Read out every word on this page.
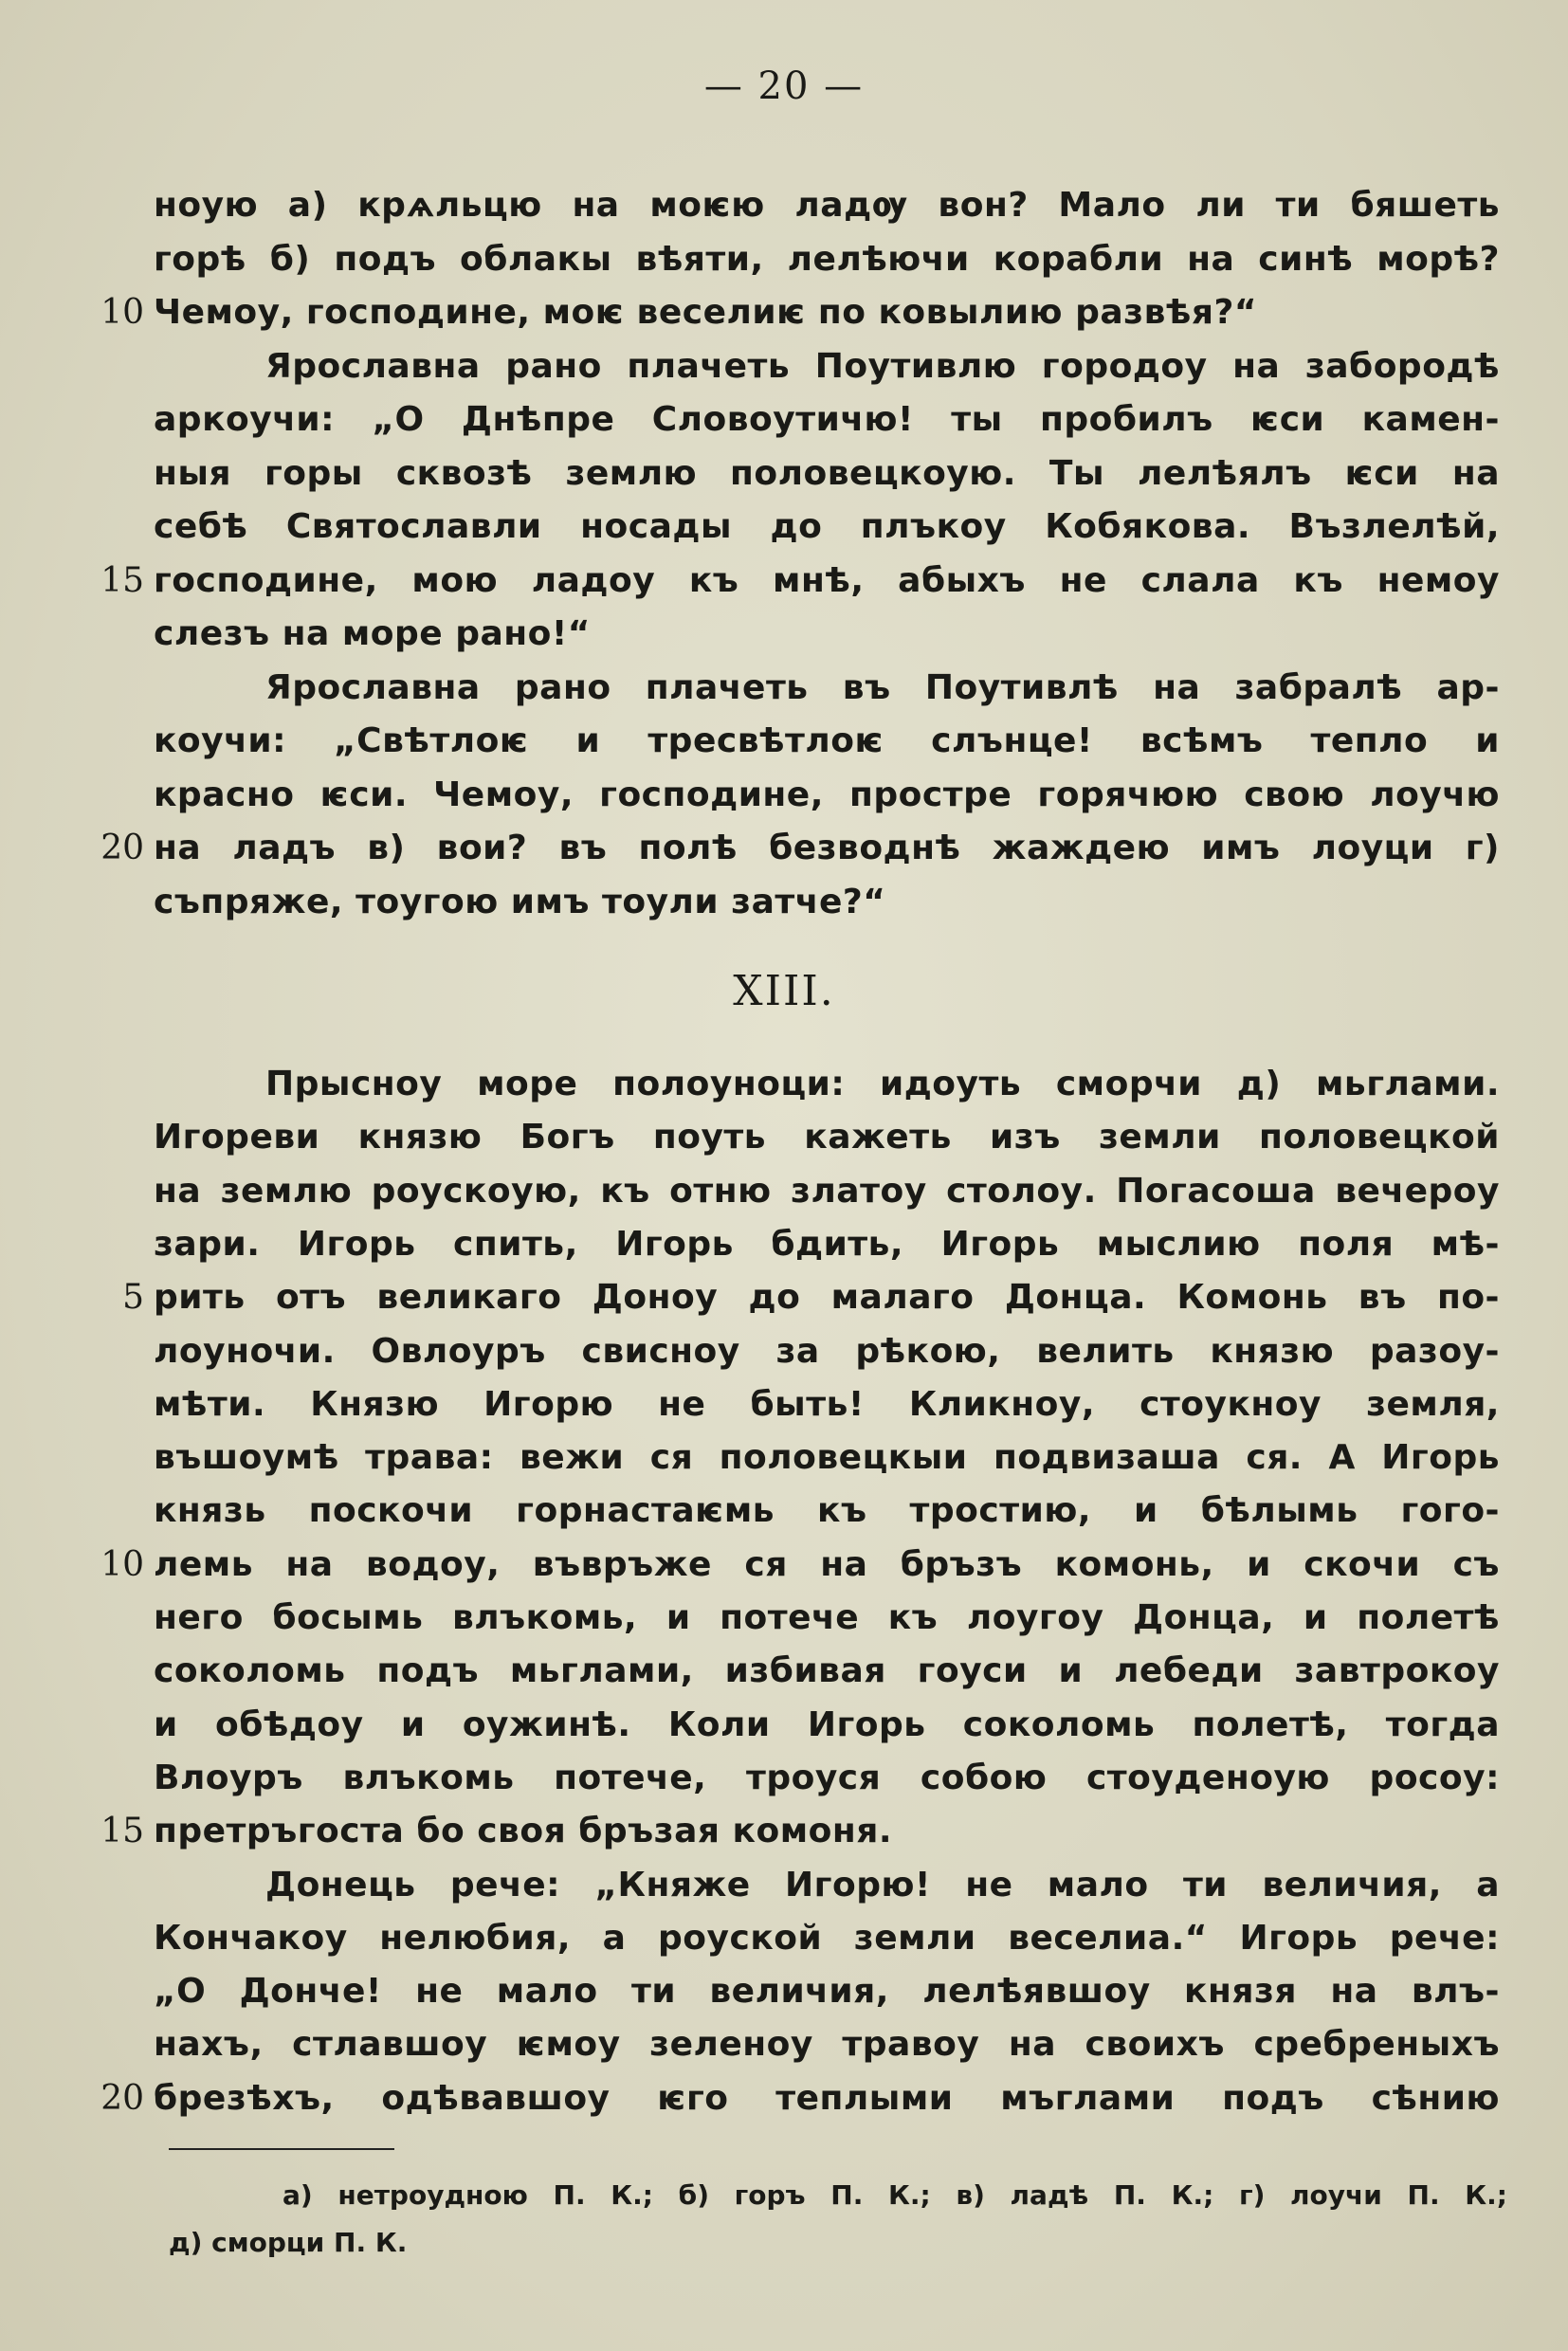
— 20 —
ноую а) крѧльцю на моѥю ладѹ вон? Мало ли ти бяшеть
горѣ б) подъ облакы вѣяти, лелѣючи корабли на синѣ морѣ?
10 Чемоу, господине, моѥ веселиѥ по ковылию развѣя?“
Ярославна рано плачеть Поутивлю городоу на забородѣ
аркоучи: „О Днѣпре Словоутичю! ты пробилъ ѥси камен-
ныя горы сквозѣ землю половецкоую. Ты лелѣялъ ѥси на
себѣ Святославли носады до плъкоу Кобякова. Възлелѣй,
15 господине, мою ладоу къ мнѣ, абыхъ не слала къ немоу
слезъ на море рано!“
Ярославна рано плачеть въ Поутивлѣ на забралѣ ар-
коучи: „Свѣтлоѥ и тресвѣтлоѥ слънце! всѣмъ тепло и
красно ѥси. Чемоу, господине, простре горячюю свою лоучю
20 на ладъ в) вои? въ полѣ безводнѣ жаждею имъ лоуци г)
съпряже, тоугою имъ тоули затче?“
XIII.
Прысноу море полоуноци: идоуть сморчи д) мьглами.
Игореви князю Богъ поуть кажеть изъ земли половецкой
на землю роускоую, къ отню златоу столоу. Погасоша вечероу
зари. Игорь спить, Игорь бдить, Игорь мыслию поля мѣ-
5 рить отъ великаго Доноу до малаго Донца. Комонь въ по-
лоуночи. Овлоуръ свисноу за рѣкою, велить князю разоу-
мѣти. Князю Игорю не быть! Кликноу, стоукноу земля,
въшоумѣ трава: вежи ся половецкыи подвизаша ся. А Игорь
князь поскочи горнастаѥмь къ тростию, и бѣлымь гого-
10 лемь на водоу, въвръже ся на бръзъ комонь, и скочи съ
него босымь влъкомь, и потече къ лоугоу Донца, и полетѣ
соколомь подъ мьглами, избивая гоуси и лебеди завтрокоу
и обѣдоу и оужинѣ. Коли Игорь соколомь полетѣ, тогда
Влоуръ влъкомь потече, троуся собою стоуденоую росоу:
15 претръгоста бо своя бръзая комоня.
Донець рече: „Княже Игорю! не мало ти величия, а
Кончакоу нелюбия, а роуской земли веселиа.“ Игорь рече:
„О Донче! не мало ти величия, лелѣявшоу князя на влъ-
нахъ, стлавшоу ѥмоу зеленоу травоу на своихъ сребреныхъ
20 брезѣхъ, одѣвавшоу ѥго теплыми мъглами подъ сѣнию
а) нетроудною П. К.; б) горъ П. К.; в) ладѣ П. К.; г) лоучи П. К.;
д) сморци П. К.
